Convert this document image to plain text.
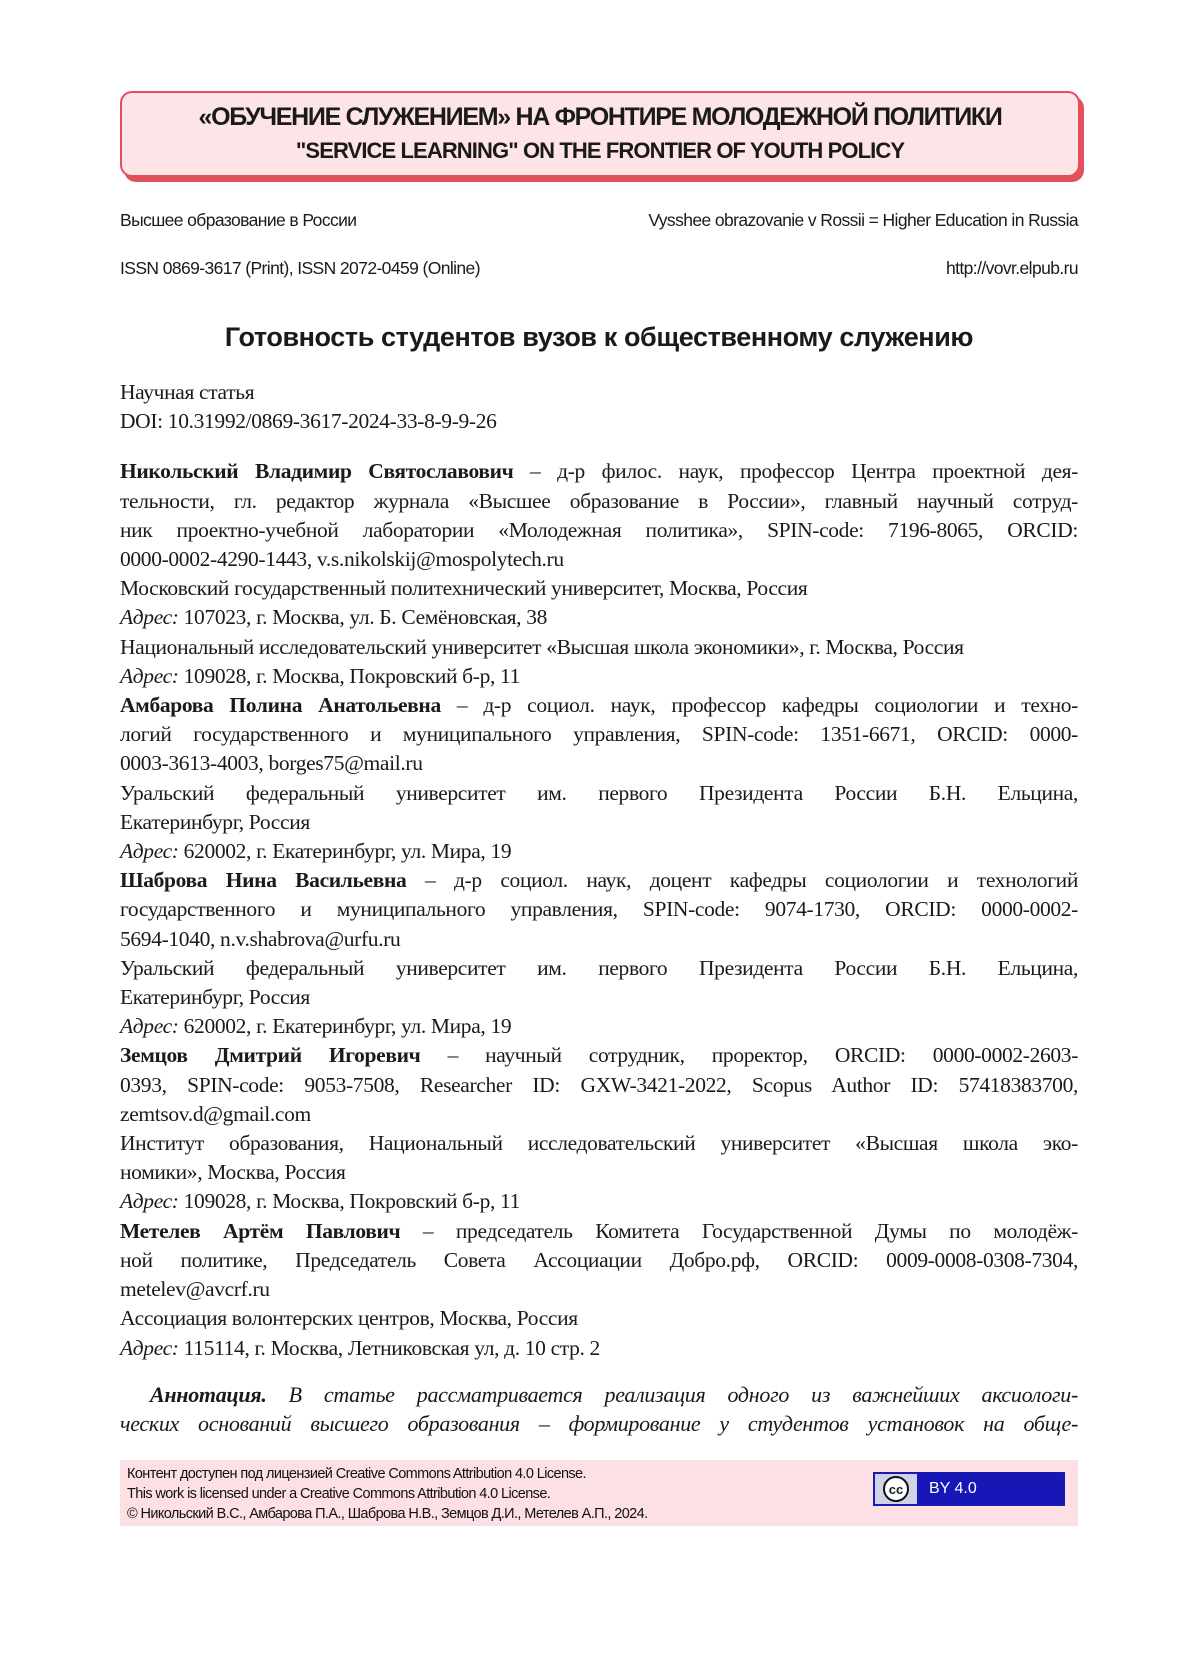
«ОБУЧЕНИЕ СЛУЖЕНИЕМ» НА ФРОНТИРЕ МОЛОДЕЖНОЙ ПОЛИТИКИ
"SERVICE LEARNING" ON THE FRONTIER OF YOUTH POLICY
Высшее образование в России	Vysshee obrazovanie v Rossii = Higher Education in Russia
ISSN 0869-3617 (Print), ISSN 2072-0459 (Online)	http://vovr.elpub.ru
Готовность студентов вузов к общественному служению
Научная статья
DOI: 10.31992/0869-3617-2024-33-8-9-9-26
Никольский Владимир Святославович – д-р филос. наук, профессор Центра проектной дея-
тельности, гл. редактор журнала «Высшее образование в России», главный научный сотруд-
ник проектно-учебной лаборатории «Молодежная политика», SPIN-code: 7196-8065, ORCID:
0000-0002-4290-1443, v.s.nikolskij@mospolytech.ru
Московский государственный политехнический университет, Москва, Россия
Адрес: 107023, г. Москва, ул. Б. Семёновская, 38
Национальный исследовательский университет «Высшая школа экономики», г. Москва, Россия
Адрес: 109028, г. Москва, Покровский б-р, 11
Амбарова Полина Анатольевна – д-р социол. наук, профессор кафедры социологии и техно-
логий государственного и муниципального управления, SPIN-code: 1351-6671, ORCID: 0000-
0003-3613-4003, borges75@mail.ru
Уральский федеральный университет им. первого Президента России Б.Н. Ельцина,
Екатеринбург, Россия
Адрес: 620002, г. Екатеринбург, ул. Мира, 19
Шаброва Нина Васильевна – д-р социол. наук, доцент кафедры социологии и технологий
государственного и муниципального управления, SPIN-code: 9074-1730, ORCID: 0000-0002-
5694-1040, n.v.shabrova@urfu.ru
Уральский федеральный университет им. первого Президента России Б.Н. Ельцина,
Екатеринбург, Россия
Адрес: 620002, г. Екатеринбург, ул. Мира, 19
Земцов Дмитрий Игоревич – научный сотрудник, проректор, ORCID: 0000-0002-2603-
0393, SPIN-code: 9053-7508, Researcher ID: GXW-3421-2022, Scopus Author ID: 57418383700,
zemtsov.d@gmail.com
Институт образования, Национальный исследовательский университет «Высшая школа эко-
номики», Москва, Россия
Адрес: 109028, г. Москва, Покровский б-р, 11
Метелев Артём Павлович – председатель Комитета Государственной Думы по молодёж-
ной политике, Председатель Совета Ассоциации Добро.рф, ORCID: 0009-0008-0308-7304,
metelev@avcrf.ru
Ассоциация волонтерских центров, Москва, Россия
Адрес: 115114, г. Москва, Летниковская ул, д. 10 стр. 2
Аннотация. В статье рассматривается реализация одного из важнейших аксиологи-
ческих оснований высшего образования – формирование у студентов установок на обще-
Контент доступен под лицензией Creative Commons Attribution 4.0 License.
This work is licensed under a Creative Commons Attribution 4.0 License.
© Никольский В.С., Амбарова П.А., Шаброва Н.В., Земцов Д.И., Метелев А.П., 2024.
cc	BY 4.0
